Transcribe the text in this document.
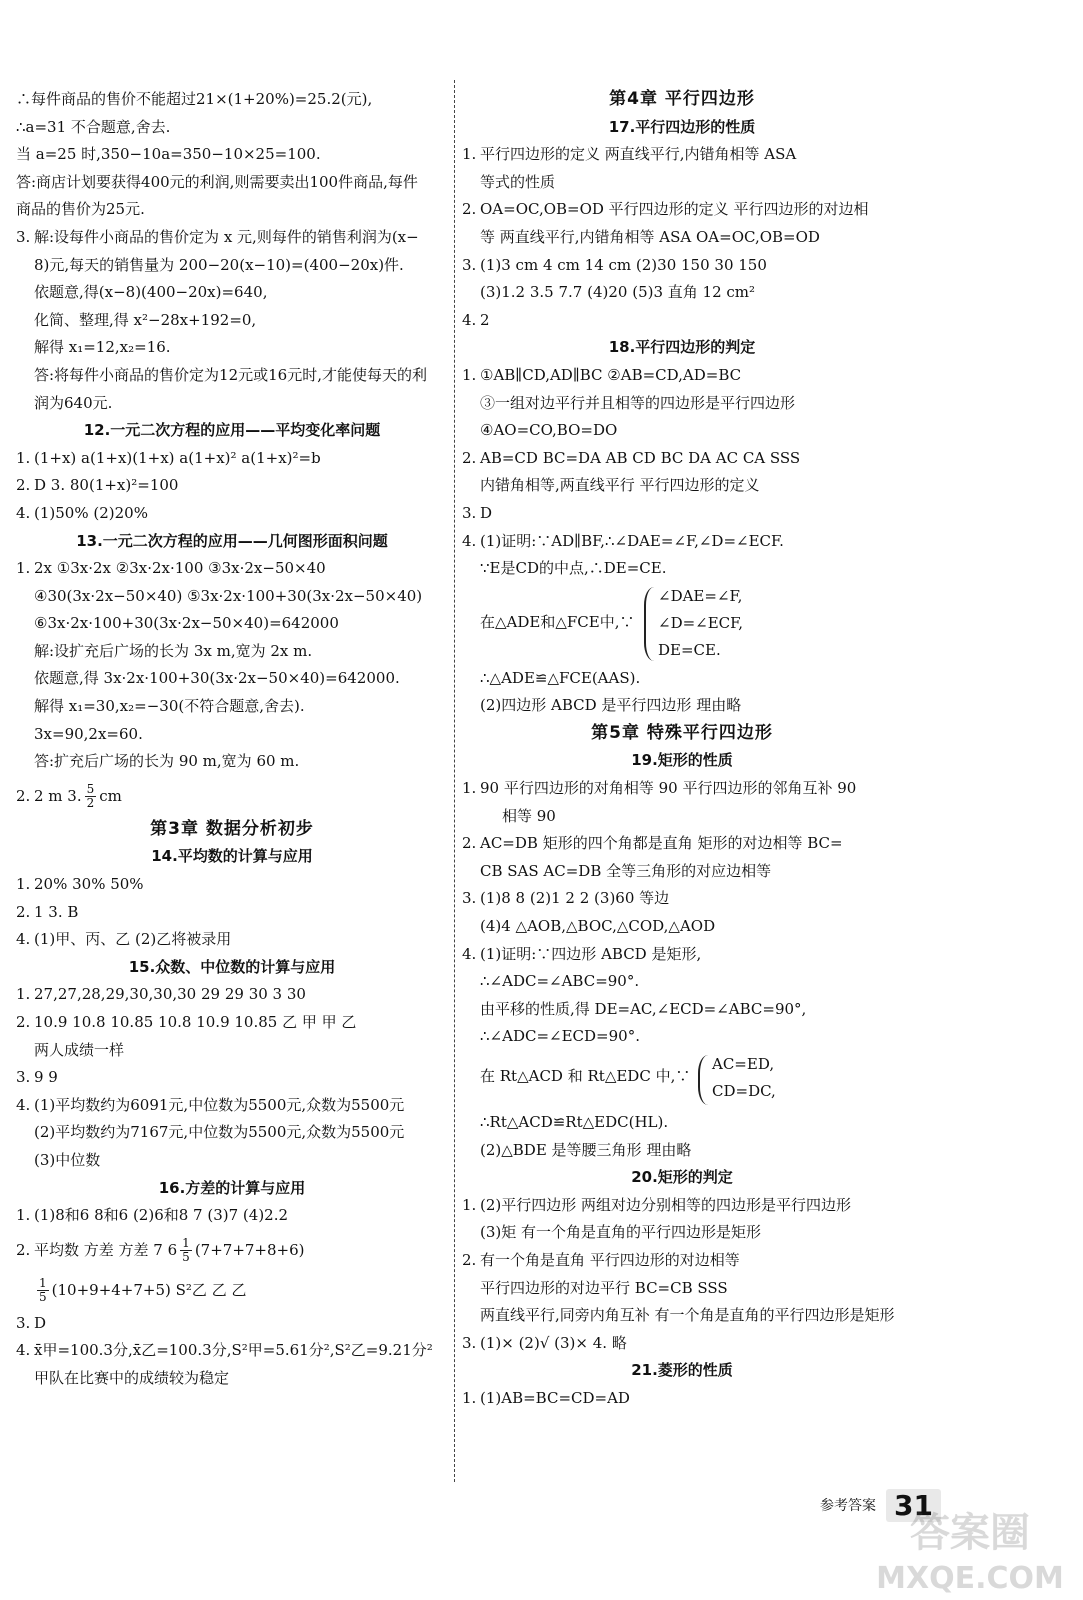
∴每件商品的售价不能超过21×(1+20%)=25.2(元),
∴a=31 不合题意,舍去.
当 a=25 时,350−10a=350−10×25=100.
答:商店计划要获得400元的利润,则需要卖出100件商品,每件
商品的售价为25元.
3. 解:设每件小商品的售价定为 x 元,则每件的销售利润为(x−
8)元,每天的销售量为 200−20(x−10)=(400−20x)件.
依题意,得(x−8)(400−20x)=640,
化简、整理,得 x²−28x+192=0,
解得 x₁=12,x₂=16.
答:将每件小商品的售价定为12元或16元时,才能使每天的利
润为640元.
12.一元二次方程的应用——平均变化率问题
1. (1+x) a(1+x)(1+x) a(1+x)² a(1+x)²=b
2. D 3. 80(1+x)²=100
4. (1)50% (2)20%
13.一元二次方程的应用——几何图形面积问题
1. 2x ①3x·2x ②3x·2x·100 ③3x·2x−50×40
④30(3x·2x−50×40) ⑤3x·2x·100+30(3x·2x−50×40)
⑥3x·2x·100+30(3x·2x−50×40)=642000
解:设扩充后广场的长为 3x m,宽为 2x m.
依题意,得 3x·2x·100+30(3x·2x−50×40)=642000.
解得 x₁=30,x₂=−30(不符合题意,舍去).
3x=90,2x=60.
答:扩充后广场的长为 90 m,宽为 60 m.
2. 2 m 3. $\frac{5}{2}$ cm
第3章 数据分析初步
14.平均数的计算与应用
1. 20% 30% 50%
2. 1 3. B
4. (1)甲、丙、乙 (2)乙将被录用
15.众数、中位数的计算与应用
1. 27,27,28,29,30,30,30 29 29 30 3 30
2. 10.9 10.8 10.85 10.8 10.9 10.85 乙 甲 甲 乙
两人成绩一样
3. 9 9
4. (1)平均数约为6091元,中位数为5500元,众数为5500元
(2)平均数约为7167元,中位数为5500元,众数为5500元
(3)中位数
16.方差的计算与应用
1. (1)8和6 8和6 (2)6和8 7 (3)7 (4)2.2
2. 平均数 方差 方差 7 $6 \frac{1}{5} (7+7+7+8+6)$
$\frac{1}{5} (10+9+4+7+5)$ S²乙 乙 乙
3. D
4. x̄甲=100.3分,x̄乙=100.3分,S²甲=5.61分²,S²乙=9.21分²
甲队在比赛中的成绩较为稳定
第4章 平行四边形
17.平行四边形的性质
1. 平行四边形的定义 两直线平行,内错角相等 ASA
等式的性质
2. OA=OC,OB=OD 平行四边形的定义 平行四边形的对边相
等 两直线平行,内错角相等 ASA OA=OC,OB=OD
3. (1)3 cm 4 cm 14 cm (2)30 150 30 150
(3)1.2 3.5 7.7 (4)20 (5)3 直角 12 cm²
4. 2
18.平行四边形的判定
1. ①AB∥CD,AD∥BC ②AB=CD,AD=BC
③一组对边平行并且相等的四边形是平行四边形
④AO=CO,BO=DO
2. AB=CD BC=DA AB CD BC DA AC CA SSS
内错角相等,两直线平行 平行四边形的定义
3. D
4. (1)证明:∵AD∥BF,∴∠DAE=∠F,∠D=∠ECF.
∵E是CD的中点,∴DE=CE.
在△ADE和△FCE中,∵
∠DAE=∠F,
∠D=∠ECF,
DE=CE.
∴△ADE≌△FCE(AAS).
(2)四边形 ABCD 是平行四边形 理由略
第5章 特殊平行四边形
19.矩形的性质
1. 90 平行四边形的对角相等 90 平行四边形的邻角互补 90
相等 90
2. AC=DB 矩形的四个角都是直角 矩形的对边相等 BC=
CB SAS AC=DB 全等三角形的对应边相等
3. (1)8 8 (2)1 2 2 (3)60 等边
(4)4 △AOB,△BOC,△COD,△AOD
4. (1)证明:∵四边形 ABCD 是矩形,
∴∠ADC=∠ABC=90°.
由平移的性质,得 DE=AC,∠ECD=∠ABC=90°,
∴∠ADC=∠ECD=90°.
在 Rt△ACD 和 Rt△EDC 中,∵
AC=ED,
CD=DC,
∴Rt△ACD≌Rt△EDC(HL).
(2)△BDE 是等腰三角形 理由略
20.矩形的判定
1. (2)平行四边形 两组对边分别相等的四边形是平行四边形
(3)矩 有一个角是直角的平行四边形是矩形
2. 有一个角是直角 平行四边形的对边相等
平行四边形的对边平行 BC=CB SSS
两直线平行,同旁内角互补 有一个角是直角的平行四边形是矩形
3. (1)× (2)√ (3)× 4. 略
21.菱形的性质
1. (1)AB=BC=CD=AD
参考答案 31
答案圈
MXQE.COM
